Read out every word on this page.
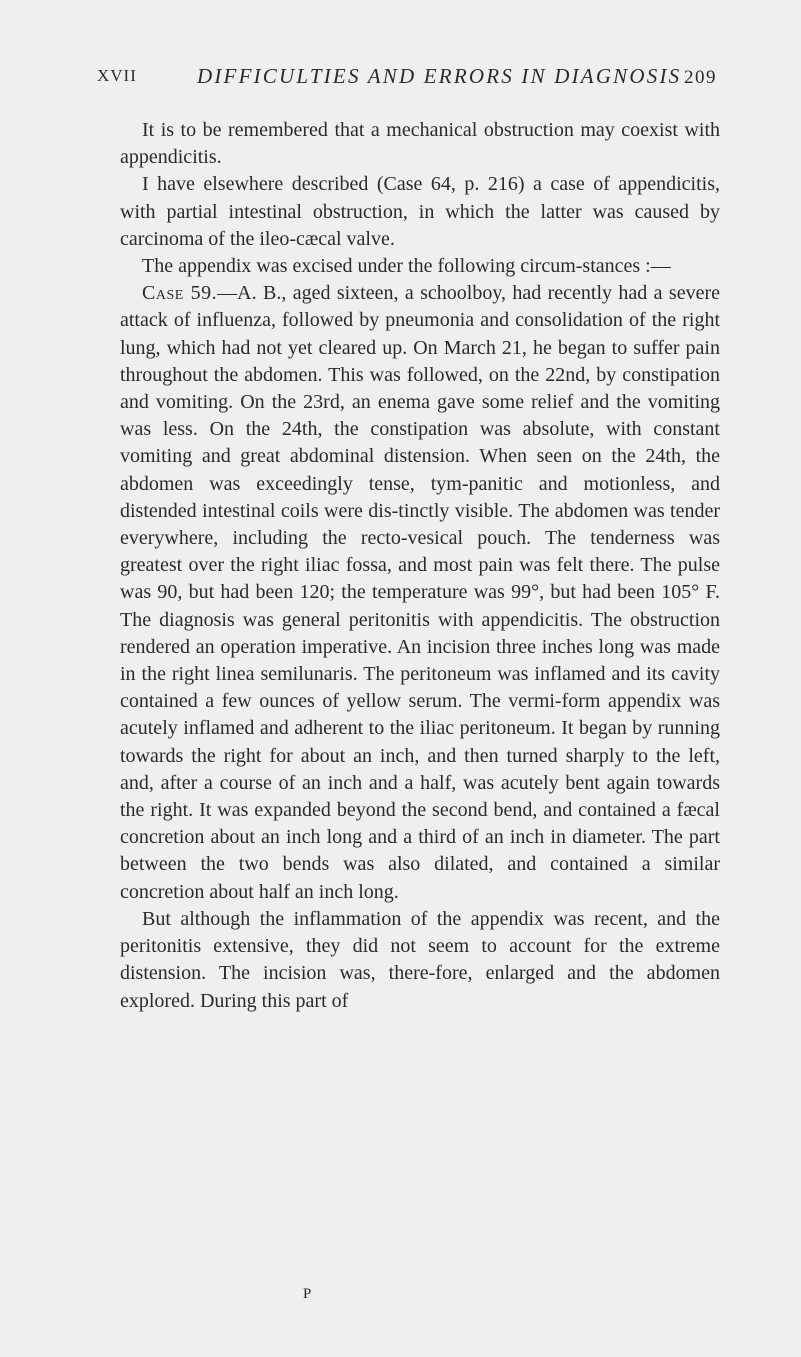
XVII	DIFFICULTIES AND ERRORS IN DIAGNOSIS 209

It is to be remembered that a mechanical obstruction may coexist with appendicitis.

I have elsewhere described (Case 64, p. 216) a case of appendicitis, with partial intestinal obstruction, in which the latter was caused by carcinoma of the ileo-cæcal valve.

The appendix was excised under the following circum-stances :—

Case 59.—A. B., aged sixteen, a schoolboy, had recently had a severe attack of influenza, followed by pneumonia and consolidation of the right lung, which had not yet cleared up. On March 21, he began to suffer pain throughout the abdomen. This was followed, on the 22nd, by constipation and vomiting. On the 23rd, an enema gave some relief and the vomiting was less. On the 24th, the constipation was absolute, with constant vomiting and great abdominal distension. When seen on the 24th, the abdomen was exceedingly tense, tym-panitic and motionless, and distended intestinal coils were dis-tinctly visible. The abdomen was tender everywhere, including the recto-vesical pouch. The tenderness was greatest over the right iliac fossa, and most pain was felt there. The pulse was 90, but had been 120; the temperature was 99°, but had been 105° F. The diagnosis was general peritonitis with appendicitis. The obstruction rendered an operation imperative. An incision three inches long was made in the right linea semilunaris. The peritoneum was inflamed and its cavity contained a few ounces of yellow serum. The vermi-form appendix was acutely inflamed and adherent to the iliac peritoneum. It began by running towards the right for about an inch, and then turned sharply to the left, and, after a course of an inch and a half, was acutely bent again towards the right. It was expanded beyond the second bend, and contained a fæcal concretion about an inch long and a third of an inch in diameter. The part between the two bends was also dilated, and contained a similar concretion about half an inch long.

But although the inflammation of the appendix was recent, and the peritonitis extensive, they did not seem to account for the extreme distension. The incision was, there-fore, enlarged and the abdomen explored. During this part of

P
